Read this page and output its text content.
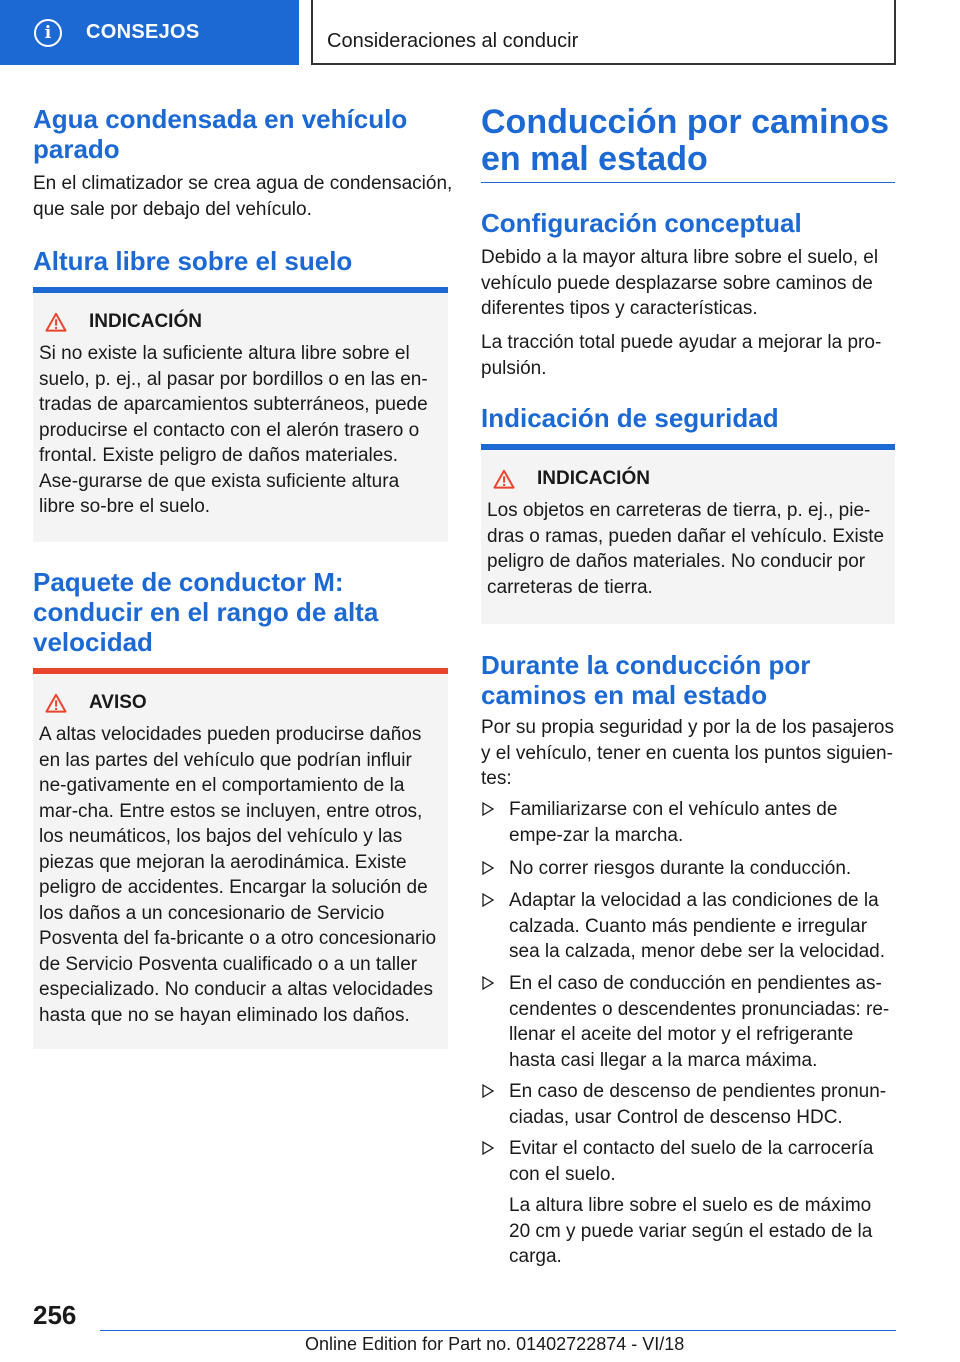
i	CONSEJOS	Consideraciones al conducir
Agua condensada en vehículo parado
En el climatizador se crea agua de condensación, que sale por debajo del vehículo.
Altura libre sobre el suelo
INDICACIÓN
Si no existe la suficiente altura libre sobre el suelo, p. ej., al pasar por bordillos o en las en-tradas de aparcamientos subterráneos, puede producirse el contacto con el alerón trasero o frontal. Existe peligro de daños materiales. Ase-gurarse de que exista suficiente altura libre so-bre el suelo.
Paquete de conductor M: conducir en el rango de alta velocidad
AVISO
A altas velocidades pueden producirse daños en las partes del vehículo que podrían influir ne-gativamente en el comportamiento de la mar-cha. Entre estos se incluyen, entre otros, los neumáticos, los bajos del vehículo y las piezas que mejoran la aerodinámica. Existe peligro de accidentes. Encargar la solución de los daños a un concesionario de Servicio Posventa del fa-bricante o a otro concesionario de Servicio Posventa cualificado o a un taller especializado. No conducir a altas velocidades hasta que no se hayan eliminado los daños.
Conducción por caminos en mal estado
Configuración conceptual
Debido a la mayor altura libre sobre el suelo, el vehículo puede desplazarse sobre caminos de diferentes tipos y características.
La tracción total puede ayudar a mejorar la pro-pulsión.
Indicación de seguridad
INDICACIÓN
Los objetos en carreteras de tierra, p. ej., pie-dras o ramas, pueden dañar el vehículo. Existe peligro de daños materiales. No conducir por carreteras de tierra.
Durante la conducción por caminos en mal estado
Por su propia seguridad y por la de los pasajeros y el vehículo, tener en cuenta los puntos siguien-tes:
Familiarizarse con el vehículo antes de empe-zar la marcha.
No correr riesgos durante la conducción.
Adaptar la velocidad a las condiciones de la calzada. Cuanto más pendiente e irregular sea la calzada, menor debe ser la velocidad.
En el caso de conducción en pendientes as-cendentes o descendentes pronunciadas: re-llenar el aceite del motor y el refrigerante hasta casi llegar a la marca máxima.
En caso de descenso de pendientes pronun-ciadas, usar Control de descenso HDC.
Evitar el contacto del suelo de la carrocería con el suelo.
La altura libre sobre el suelo es de máximo 20 cm y puede variar según el estado de la carga.
256
Online Edition for Part no. 01402722874 - VI/18
